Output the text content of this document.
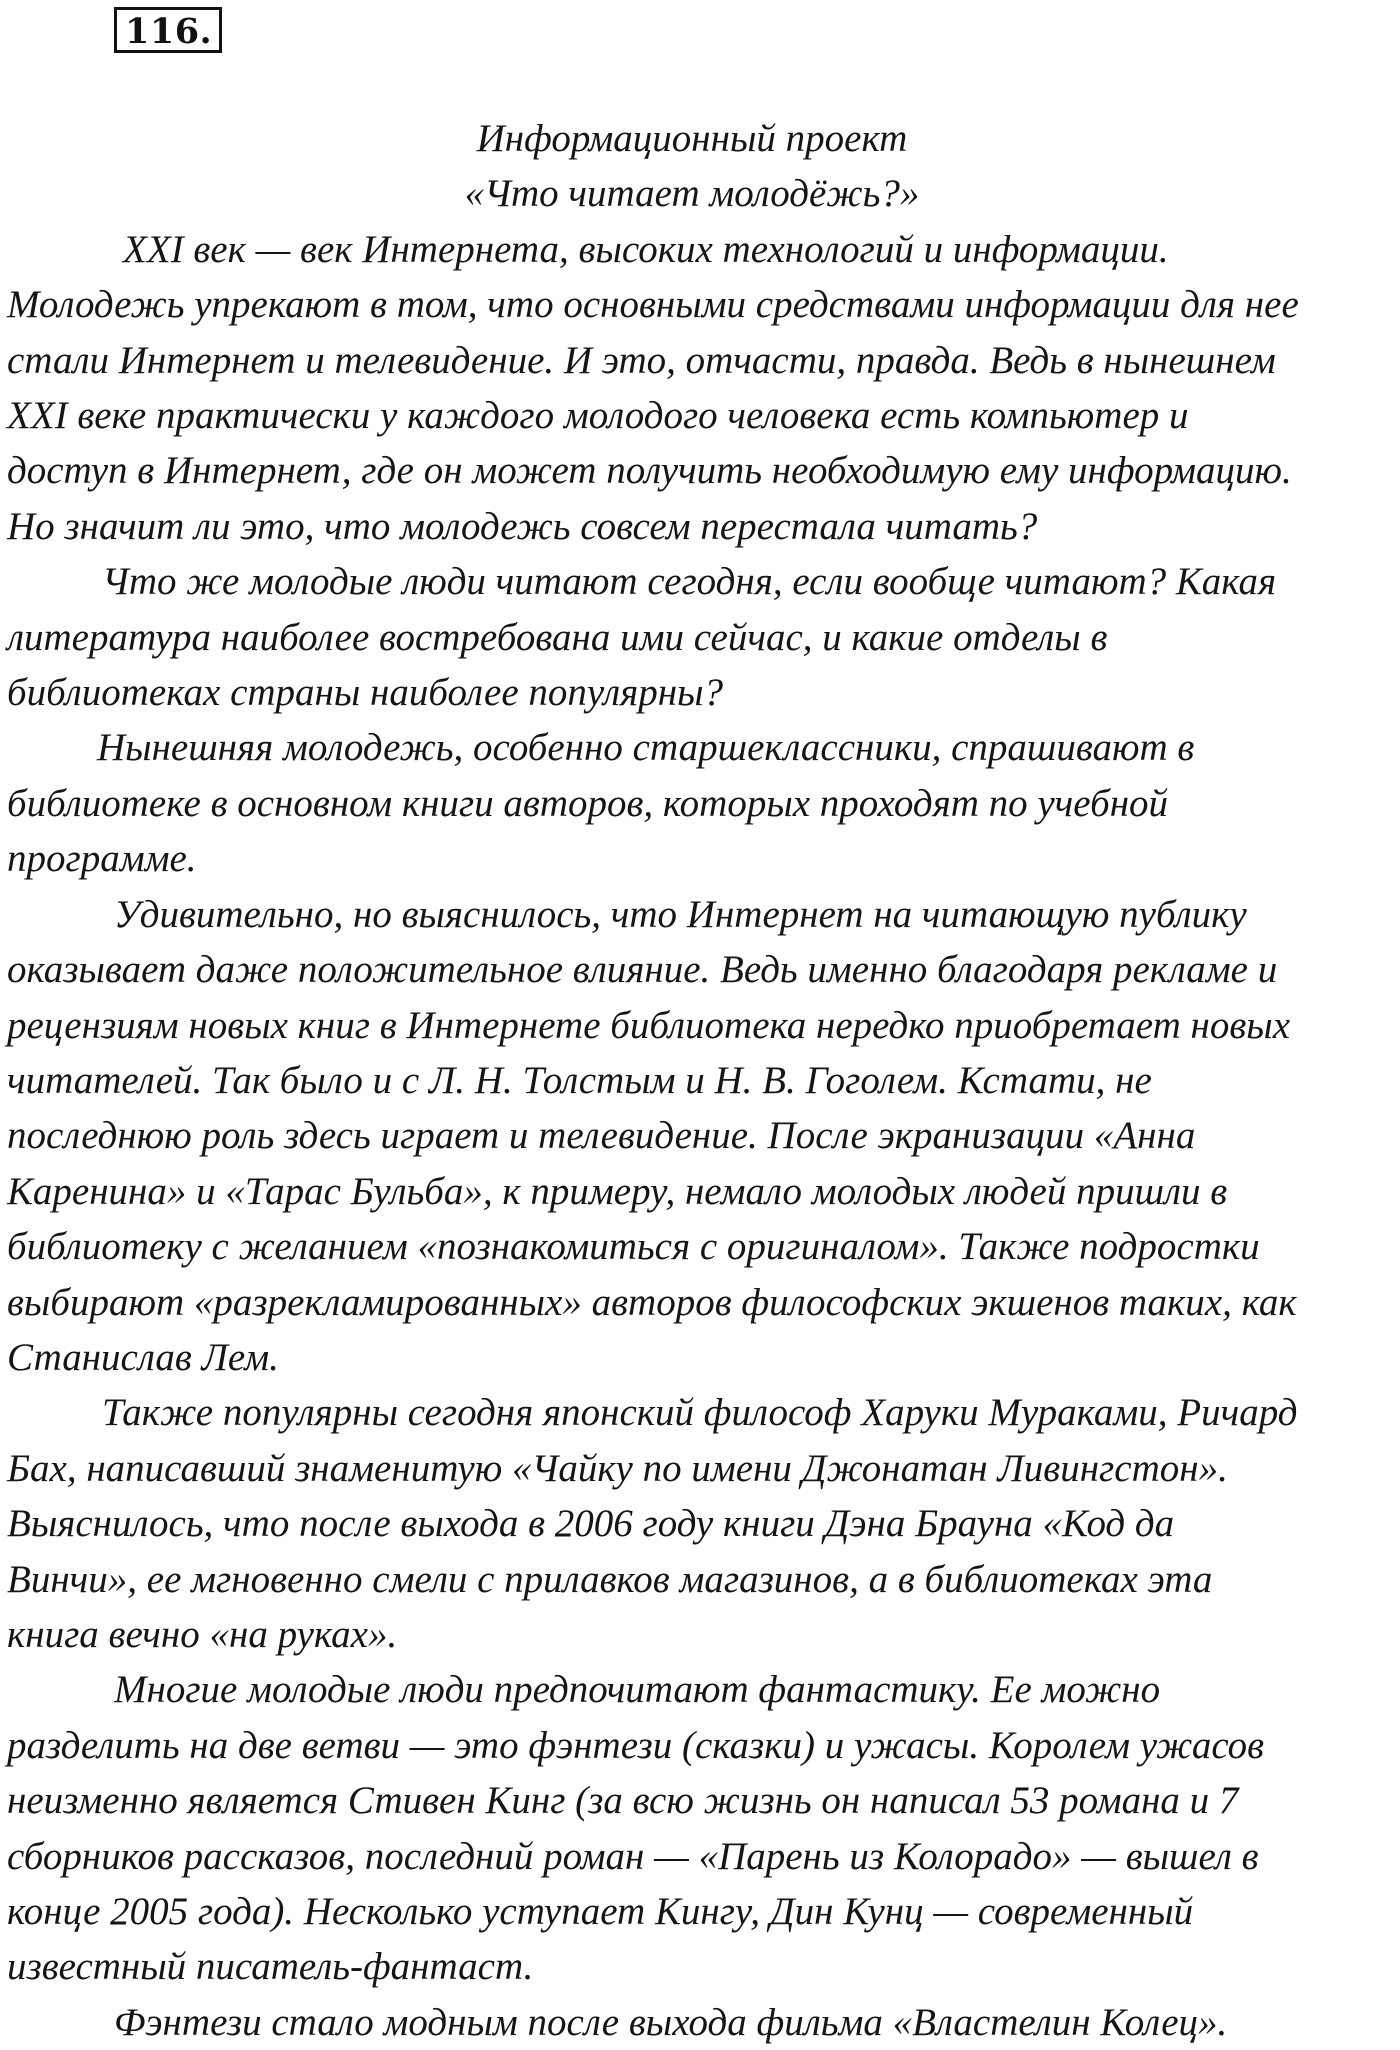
116.

Информационный проект

«Что читает молодёжь?»

XXI век — век Интернета, высоких технологий и информации.

Молодежь упрекают в том, что основными средствами информации для нее

стали Интернет и телевидение. И это, отчасти, правда. Ведь в нынешнем

XXI веке практически у каждого молодого человека есть компьютер и

доступ в Интернет, где он может получить необходимую ему информацию.

Но значит ли это, что молодежь совсем перестала читать?

Что же молодые люди читают сегодня, если вообще читают? Какая

литература наиболее востребована ими сейчас, и какие отделы в

библиотеках страны наиболее популярны?

Нынешняя молодежь, особенно старшеклассники, спрашивают в

библиотеке в основном книги авторов, которых проходят по учебной

программе.

Удивительно, но выяснилось, что Интернет на читающую публику

оказывает даже положительное влияние. Ведь именно благодаря рекламе и

рецензиям новых книг в Интернете библиотека нередко приобретает новых

читателей. Так было и с Л. Н. Толстым и Н. В. Гоголем. Кстати, не

последнюю роль здесь играет и телевидение. После экранизации «Анна

Каренина» и «Тарас Бульба», к примеру, немало молодых людей пришли в

библиотеку с желанием «познакомиться с оригиналом». Также подростки

выбирают «разрекламированных» авторов философских экшенов таких, как

Станислав Лем.

Также популярны сегодня японский философ Харуки Мураками, Ричард

Бах, написавший знаменитую «Чайку по имени Джонатан Ливингстон».

Выяснилось, что после выхода в 2006 году книги Дэна Брауна «Код да

Винчи», ее мгновенно смели с прилавков магазинов, а в библиотеках эта

книга вечно «на руках».

Многие молодые люди предпочитают фантастику. Ее можно

разделить на две ветви — это фэнтези (сказки) и ужасы. Королем ужасов

неизменно является Стивен Кинг (за всю жизнь он написал 53 романа и 7

сборников рассказов, последний роман — «Парень из Колорадо» — вышел в

конце 2005 года). Несколько уступает Кингу, Дин Кунц — современный

известный писатель-фантаст.

Фэнтези стало модным после выхода фильма «Властелин Колец».
